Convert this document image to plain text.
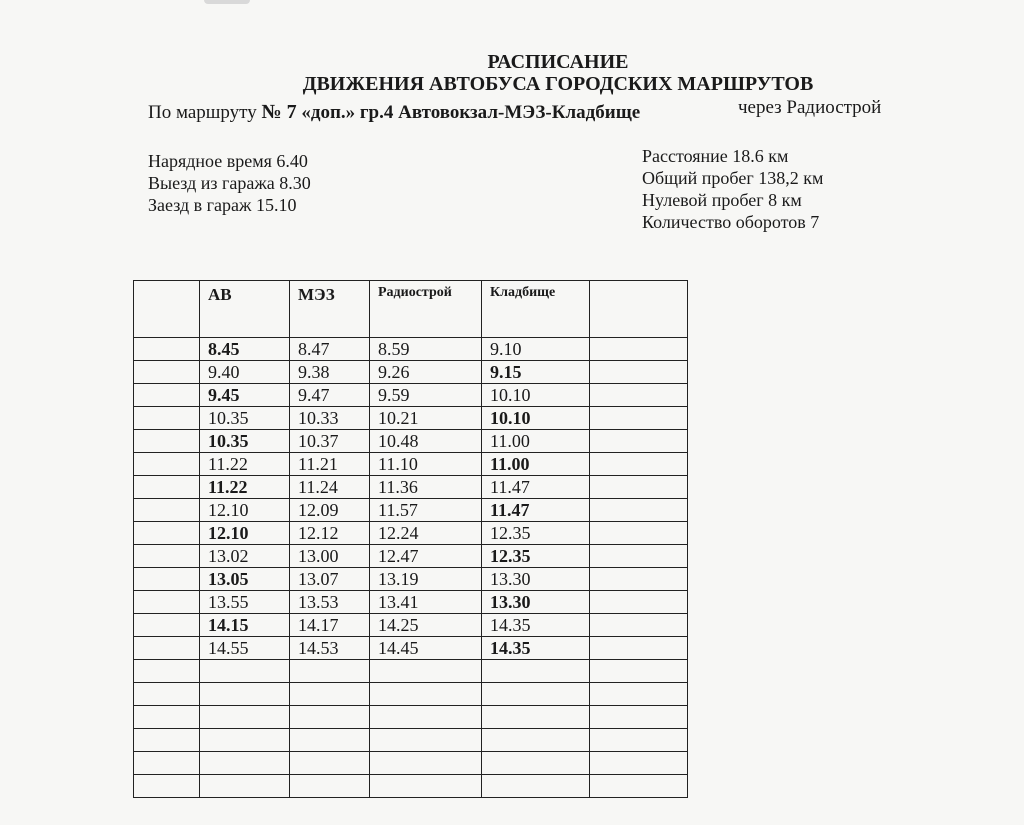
РАСПИСАНИЕ
ДВИЖЕНИЯ АВТОБУСА ГОРОДСКИХ МАРШРУТОВ
По маршруту № 7 «доп.» гр.4 Автовокзал-МЭЗ-Кладбище	через Радиострой
Нарядное время 6.40
Выезд из гаража 8.30
Заезд в гараж 15.10
Расстояние 18.6 км
Общий пробег 138,2 км
Нулевой пробег 8 км
Количество оборотов 7
	АВ	МЭЗ	Радиострой	Кладбище	
	8.45	8.47	8.59	9.10	
	9.40	9.38	9.26	9.15	
	9.45	9.47	9.59	10.10	
	10.35	10.33	10.21	10.10	
	10.35	10.37	10.48	11.00	
	11.22	11.21	11.10	11.00	
	11.22	11.24	11.36	11.47	
	12.10	12.09	11.57	11.47	
	12.10	12.12	12.24	12.35	
	13.02	13.00	12.47	12.35	
	13.05	13.07	13.19	13.30	
	13.55	13.53	13.41	13.30	
	14.15	14.17	14.25	14.35	
	14.55	14.53	14.45	14.35	
